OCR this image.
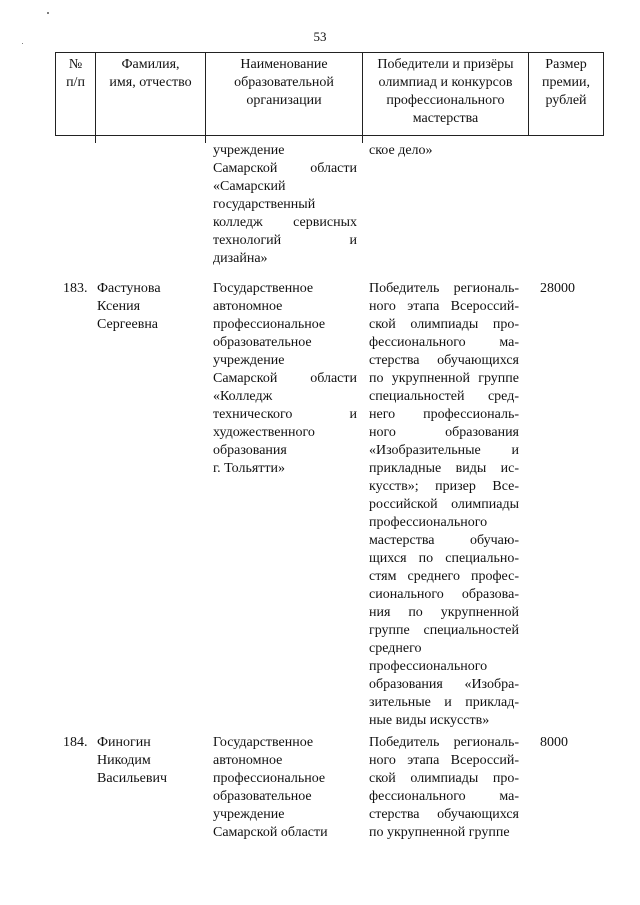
53
№
п/п
Фамилия,
имя, отчество
Наименование
образовательной
организации
Победители и призёры
олимпиад и конкурсов
профессионального
мастерства
Размер
премии,
рублей
учреждение
Самарской области
«Самарский
государственный
колледж сервисных
технологий и
дизайна»
ское дело»
183. Фастунова
Ксения
Сергеевна
Государственное
автономное
профессиональное
образовательное
учреждение
Самарской области
«Колледж
технического и
художественного
образования
г. Тольятти»
Победитель региональ-
ного этапа Всероссий-
ской олимпиады про-
фессионального ма-
стерства обучающихся
по укрупненной группе
специальностей сред-
него профессиональ-
ного образования
«Изобразительные и
прикладные виды ис-
кусств»; призер Все-
российской олимпиады
профессионального
мастерства обучаю-
щихся по специально-
стям среднего профес-
сионального образова-
ния по укрупненной
группе специальностей
среднего
профессионального
образования «Изобра-
зительные и приклад-
ные виды искусств»
28000
184. Финогин
Никодим
Васильевич
Государственное
автономное
профессиональное
образовательное
учреждение
Самарской области
Победитель региональ-
ного этапа Всероссий-
ской олимпиады про-
фессионального ма-
стерства обучающихся
по укрупненной группе
8000
